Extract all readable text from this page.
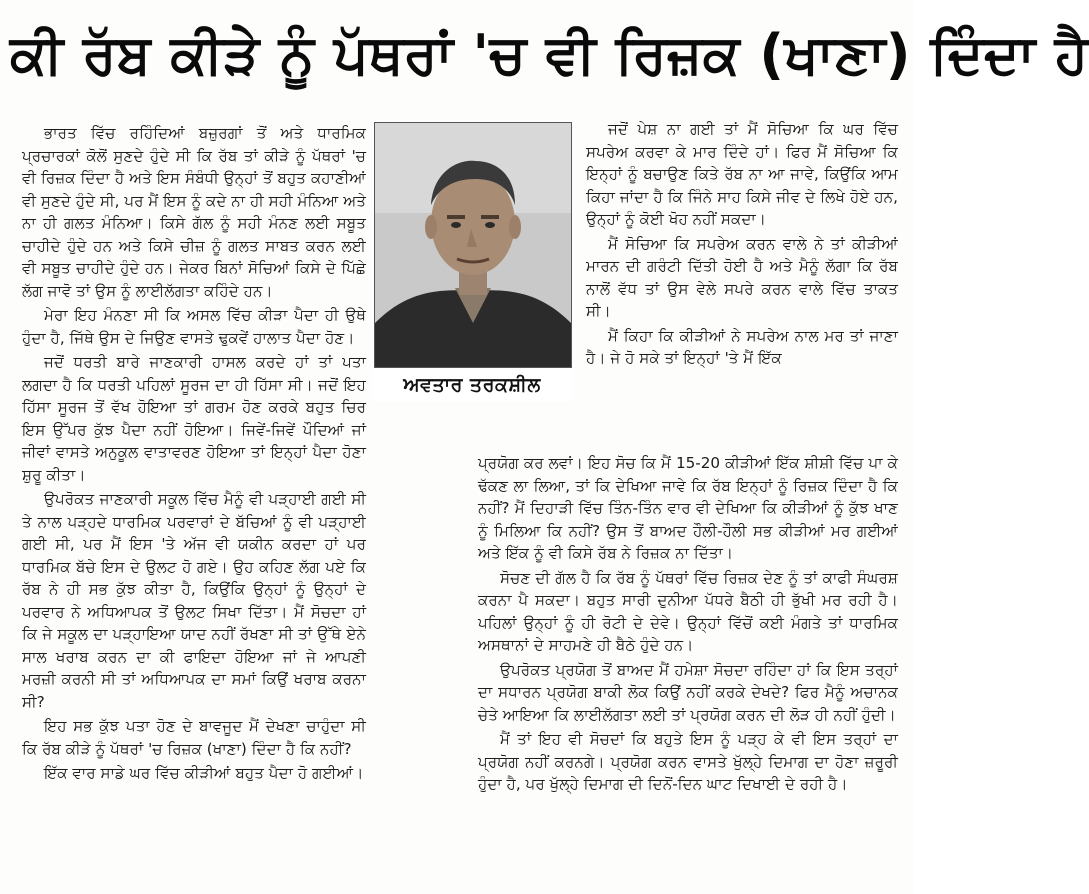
ਕੀ ਰੱਬ ਕੀੜੇ ਨੂੰ ਪੱਥਰਾਂ 'ਚ ਵੀ ਰਿਜ਼ਕ (ਖਾਣਾ) ਦਿੰਦਾ ਹੈ

ਭਾਰਤ ਵਿੱਚ ਰਹਿੰਦਿਆਂ ਬਜ਼ੁਰਗਾਂ ਤੋਂ ਅਤੇ ਧਾਰਮਿਕ ਪ੍ਰਚਾਰਕਾਂ ਕੋਲੋਂ ਸੁਣਦੇ ਹੁੰਦੇ ਸੀ ਕਿ ਰੱਬ ਤਾਂ ਕੀੜੇ ਨੂੰ ਪੱਥਰਾਂ 'ਚ ਵੀ ਰਿਜ਼ਕ ਦਿੰਦਾ ਹੈ ਅਤੇ ਇਸ ਸੰਬੰਧੀ ਉਨ੍ਹਾਂ ਤੋਂ ਬਹੁਤ ਕਹਾਣੀਆਂ ਵੀ ਸੁਣਦੇ ਹੁੰਦੇ ਸੀ, ਪਰ ਮੈਂ ਇਸ ਨੂੰ ਕਦੇ ਨਾ ਹੀ ਸਹੀ ਮੰਨਿਆ ਅਤੇ ਨਾ ਹੀ ਗਲਤ ਮੰਨਿਆ। ਕਿਸੇ ਗੱਲ ਨੂੰ ਸਹੀ ਮੰਨਣ ਲਈ ਸਬੂਤ ਚਾਹੀਦੇ ਹੁੰਦੇ ਹਨ ਅਤੇ ਕਿਸੇ ਚੀਜ਼ ਨੂੰ ਗਲਤ ਸਾਬਤ ਕਰਨ ਲਈ ਵੀ ਸਬੂਤ ਚਾਹੀਦੇ ਹੁੰਦੇ ਹਨ। ਜੇਕਰ ਬਿਨਾਂ ਸੋਚਿਆਂ ਕਿਸੇ ਦੇ ਪਿੱਛੇ ਲੱਗ ਜਾਵੋ ਤਾਂ ਉਸ ਨੂੰ ਲਾਈਲੱਗਤਾ ਕਹਿੰਦੇ ਹਨ।

ਮੇਰਾ ਇਹ ਮੰਨਣਾ ਸੀ ਕਿ ਅਸਲ ਵਿੱਚ ਕੀੜਾ ਪੈਦਾ ਹੀ ਉਥੇ ਹੁੰਦਾ ਹੈ, ਜਿੱਥੇ ਉਸ ਦੇ ਜਿਉਣ ਵਾਸਤੇ ਢੁਕਵੇਂ ਹਾਲਾਤ ਪੈਦਾ ਹੋਣ।

ਜਦੋਂ ਧਰਤੀ ਬਾਰੇ ਜਾਣਕਾਰੀ ਹਾਸਲ ਕਰਦੇ ਹਾਂ ਤਾਂ ਪਤਾ ਲਗਦਾ ਹੈ ਕਿ ਧਰਤੀ ਪਹਿਲਾਂ ਸੂਰਜ ਦਾ ਹੀ ਹਿੱਸਾ ਸੀ। ਜਦੋਂ ਇਹ ਹਿੱਸਾ ਸੂਰਜ ਤੋਂ ਵੱਖ ਹੋਇਆ ਤਾਂ ਗਰਮ ਹੋਣ ਕਰਕੇ ਬਹੁਤ ਚਿਰ ਇਸ ਉੱਪਰ ਕੁੱਝ ਪੈਦਾ ਨਹੀਂ ਹੋਇਆ। ਜਿਵੇਂ-ਜਿਵੇਂ ਪੌਦਿਆਂ ਜਾਂ ਜੀਵਾਂ ਵਾਸਤੇ ਅਨੁਕੂਲ ਵਾਤਾਵਰਣ ਹੋਇਆ ਤਾਂ ਇਨ੍ਹਾਂ ਪੈਦਾ ਹੋਣਾ ਸ਼ੁਰੂ ਕੀਤਾ।

ਉਪਰੋਕਤ ਜਾਣਕਾਰੀ ਸਕੂਲ ਵਿੱਚ ਮੈਨੂੰ ਵੀ ਪੜ੍ਹਾਈ ਗਈ ਸੀ ਤੇ ਨਾਲ ਪੜ੍ਹਦੇ ਧਾਰਮਿਕ ਪਰਵਾਰਾਂ ਦੇ ਬੱਚਿਆਂ ਨੂੰ ਵੀ ਪੜ੍ਹਾਈ ਗਈ ਸੀ, ਪਰ ਮੈਂ ਇਸ 'ਤੇ ਅੱਜ ਵੀ ਯਕੀਨ ਕਰਦਾ ਹਾਂ ਪਰ ਧਾਰਮਿਕ ਬੱਚੇ ਇਸ ਦੇ ਉਲਟ ਹੋ ਗਏ। ਉਹ ਕਹਿਣ ਲੱਗ ਪਏ ਕਿ ਰੱਬ ਨੇ ਹੀ ਸਭ ਕੁੱਝ ਕੀਤਾ ਹੈ, ਕਿਉਂਕਿ ਉਨ੍ਹਾਂ ਨੂੰ ਉਨ੍ਹਾਂ ਦੇ ਪਰਵਾਰ ਨੇ ਅਧਿਆਪਕ ਤੋਂ ਉਲਟ ਸਿਖਾ ਦਿੱਤਾ। ਮੈਂ ਸੋਚਦਾ ਹਾਂ ਕਿ ਜੇ ਸਕੂਲ ਦਾ ਪੜ੍ਹਾਇਆ ਯਾਦ ਨਹੀਂ ਰੱਖਣਾ ਸੀ ਤਾਂ ਉੱਥੇ ਏਨੇ ਸਾਲ ਖਰਾਬ ਕਰਨ ਦਾ ਕੀ ਫਾਇਦਾ ਹੋਇਆ ਜਾਂ ਜੇ ਆਪਣੀ ਮਰਜ਼ੀ ਕਰਨੀ ਸੀ ਤਾਂ ਅਧਿਆਪਕ ਦਾ ਸਮਾਂ ਕਿਉਂ ਖਰਾਬ ਕਰਨਾ ਸੀ?

ਇਹ ਸਭ ਕੁੱਝ ਪਤਾ ਹੋਣ ਦੇ ਬਾਵਜੂਦ ਮੈਂ ਦੇਖਣਾ ਚਾਹੁੰਦਾ ਸੀ ਕਿ ਰੱਬ ਕੀੜੇ ਨੂੰ ਪੱਥਰਾਂ 'ਚ ਰਿਜ਼ਕ (ਖਾਣਾ) ਦਿੰਦਾ ਹੈ ਕਿ ਨਹੀਂ?

ਇੱਕ ਵਾਰ ਸਾਡੇ ਘਰ ਵਿੱਚ ਕੀੜੀਆਂ ਬਹੁਤ ਪੈਦਾ ਹੋ ਗਈਆਂ।

ਅਵਤਾਰ ਤਰਕਸ਼ੀਲ

ਜਦੋਂ ਪੇਸ਼ ਨਾ ਗਈ ਤਾਂ ਮੈਂ ਸੋਚਿਆ ਕਿ ਘਰ ਵਿੱਚ ਸਪਰੇਅ ਕਰਵਾ ਕੇ ਮਾਰ ਦਿੰਦੇ ਹਾਂ। ਫਿਰ ਮੈਂ ਸੋਚਿਆ ਕਿ ਇਨ੍ਹਾਂ ਨੂੰ ਬਚਾਉਣ ਕਿਤੇ ਰੱਬ ਨਾ ਆ ਜਾਵੇ, ਕਿਉਂਕਿ ਆਮ ਕਿਹਾ ਜਾਂਦਾ ਹੈ ਕਿ ਜਿੰਨੇ ਸਾਹ ਕਿਸੇ ਜੀਵ ਦੇ ਲਿਖੇ ਹੋਏ ਹਨ, ਉਨ੍ਹਾਂ ਨੂੰ ਕੋਈ ਖੋਹ ਨਹੀਂ ਸਕਦਾ।

ਮੈਂ ਸੋਚਿਆ ਕਿ ਸਪਰੇਅ ਕਰਨ ਵਾਲੇ ਨੇ ਤਾਂ ਕੀੜੀਆਂ ਮਾਰਨ ਦੀ ਗਰੰਟੀ ਦਿੱਤੀ ਹੋਈ ਹੈ ਅਤੇ ਮੈਨੂੰ ਲੱਗਾ ਕਿ ਰੱਬ ਨਾਲੋਂ ਵੱਧ ਤਾਂ ਉਸ ਵੇਲੇ ਸਪਰੇ ਕਰਨ ਵਾਲੇ ਵਿੱਚ ਤਾਕਤ ਸੀ।

ਮੈਂ ਕਿਹਾ ਕਿ ਕੀੜੀਆਂ ਨੇ ਸਪਰੇਅ ਨਾਲ ਮਰ ਤਾਂ ਜਾਣਾ ਹੈ। ਜੇ ਹੋ ਸਕੇ ਤਾਂ ਇਨ੍ਹਾਂ 'ਤੇ ਮੈਂ ਇੱਕ

ਪ੍ਰਯੋਗ ਕਰ ਲਵਾਂ। ਇਹ ਸੋਚ ਕਿ ਮੈਂ 15-20 ਕੀੜੀਆਂ ਇੱਕ ਸ਼ੀਸ਼ੀ ਵਿੱਚ ਪਾ ਕੇ ਢੱਕਣ ਲਾ ਲਿਆ, ਤਾਂ ਕਿ ਦੇਖਿਆ ਜਾਵੇ ਕਿ ਰੱਬ ਇਨ੍ਹਾਂ ਨੂੰ ਰਿਜ਼ਕ ਦਿੰਦਾ ਹੈ ਕਿ ਨਹੀਂ? ਮੈਂ ਦਿਹਾੜੀ ਵਿੱਚ ਤਿੰਨ-ਤਿੰਨ ਵਾਰ ਵੀ ਦੇਖਿਆ ਕਿ ਕੀੜੀਆਂ ਨੂੰ ਕੁੱਝ ਖਾਣ ਨੂੰ ਮਿਲਿਆ ਕਿ ਨਹੀਂ? ਉਸ ਤੋਂ ਬਾਅਦ ਹੌਲੀ-ਹੌਲੀ ਸਭ ਕੀੜੀਆਂ ਮਰ ਗਈਆਂ ਅਤੇ ਇੱਕ ਨੂੰ ਵੀ ਕਿਸੇ ਰੱਬ ਨੇ ਰਿਜ਼ਕ ਨਾ ਦਿੱਤਾ।

ਸੋਚਣ ਦੀ ਗੱਲ ਹੈ ਕਿ ਰੱਬ ਨੂੰ ਪੱਥਰਾਂ ਵਿੱਚ ਰਿਜ਼ਕ ਦੇਣ ਨੂੰ ਤਾਂ ਕਾਫੀ ਸੰਘਰਸ਼ ਕਰਨਾ ਪੈ ਸਕਦਾ। ਬਹੁਤ ਸਾਰੀ ਦੁਨੀਆ ਪੱਧਰੇ ਬੈਠੀ ਹੀ ਭੁੱਖੀ ਮਰ ਰਹੀ ਹੈ। ਪਹਿਲਾਂ ਉਨ੍ਹਾਂ ਨੂੰ ਹੀ ਰੋਟੀ ਦੇ ਦੇਵੇ। ਉਨ੍ਹਾਂ ਵਿੱਚੋਂ ਕਈ ਮੰਗਤੇ ਤਾਂ ਧਾਰਮਿਕ ਅਸਥਾਨਾਂ ਦੇ ਸਾਹਮਣੇ ਹੀ ਬੈਠੇ ਹੁੰਦੇ ਹਨ।

ਉਪਰੋਕਤ ਪ੍ਰਯੋਗ ਤੋਂ ਬਾਅਦ ਮੈਂ ਹਮੇਸ਼ਾ ਸੋਚਦਾ ਰਹਿੰਦਾ ਹਾਂ ਕਿ ਇਸ ਤਰ੍ਹਾਂ ਦਾ ਸਧਾਰਨ ਪ੍ਰਯੋਗ ਬਾਕੀ ਲੋਕ ਕਿਉਂ ਨਹੀਂ ਕਰਕੇ ਦੇਖਦੇ? ਫਿਰ ਮੈਨੂੰ ਅਚਾਨਕ ਚੇਤੇ ਆਇਆ ਕਿ ਲਾਈਲੱਗਤਾ ਲਈ ਤਾਂ ਪ੍ਰਯੋਗ ਕਰਨ ਦੀ ਲੋੜ ਹੀ ਨਹੀਂ ਹੁੰਦੀ।

ਮੈਂ ਤਾਂ ਇਹ ਵੀ ਸੋਚਦਾਂ ਕਿ ਬਹੁਤੇ ਇਸ ਨੂੰ ਪੜ੍ਹ ਕੇ ਵੀ ਇਸ ਤਰ੍ਹਾਂ ਦਾ ਪ੍ਰਯੋਗ ਨਹੀਂ ਕਰਨਗੇ। ਪ੍ਰਯੋਗ ਕਰਨ ਵਾਸਤੇ ਖੁੱਲ੍ਹੇ ਦਿਮਾਗ ਦਾ ਹੋਣਾ ਜ਼ਰੂਰੀ ਹੁੰਦਾ ਹੈ, ਪਰ ਖੁੱਲ੍ਹੇ ਦਿਮਾਗ ਦੀ ਦਿਨੋਂ-ਦਿਨ ਘਾਟ ਦਿਖਾਈ ਦੇ ਰਹੀ ਹੈ।
